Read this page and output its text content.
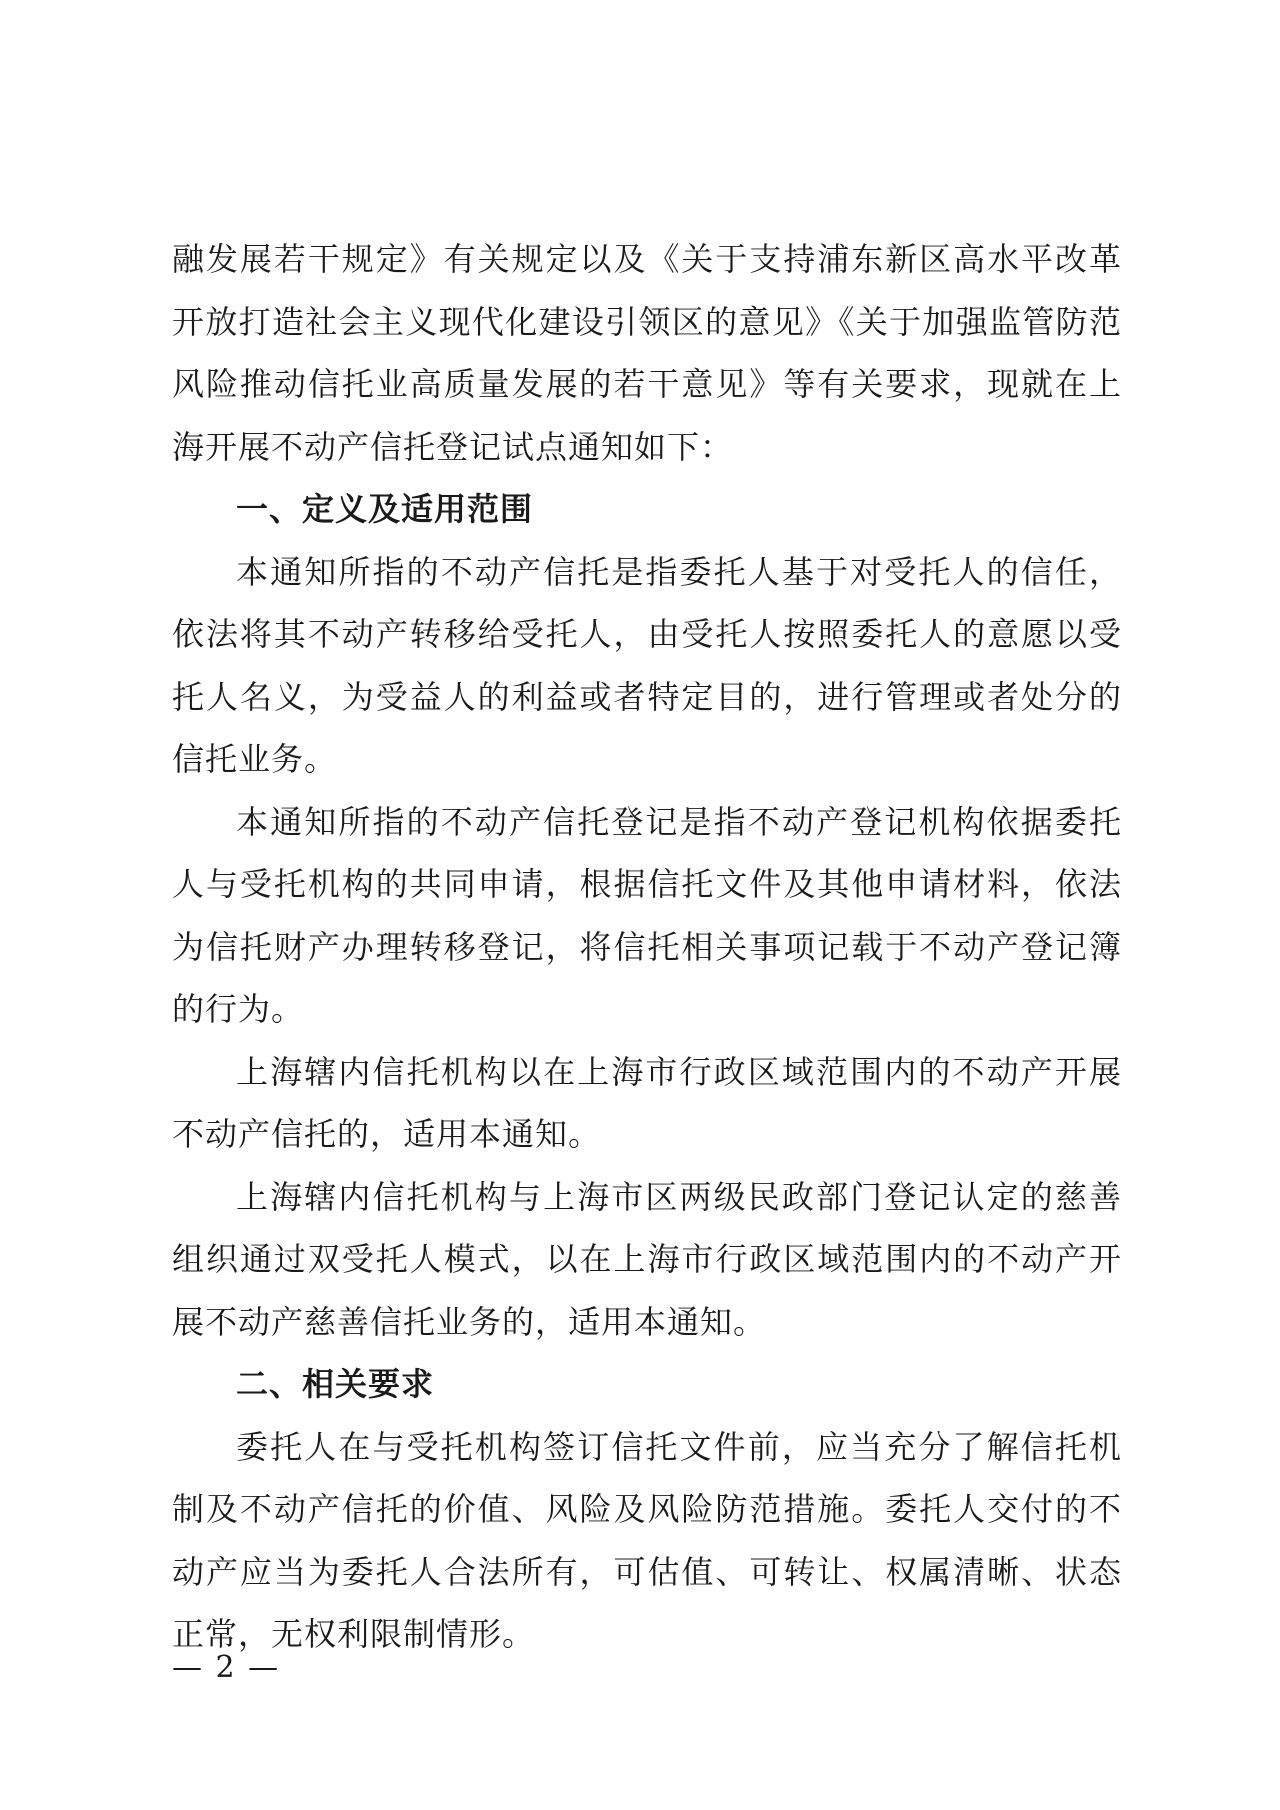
融发展若干规定》有关规定以及《关于支持浦东新区高水平改革开放打造社会主义现代化建设引领区的意见》《关于加强监管防范风险推动信托业高质量发展的若干意见》等有关要求，现就在上海开展不动产信托登记试点通知如下：

一、定义及适用范围

本通知所指的不动产信托是指委托人基于对受托人的信任，依法将其不动产转移给受托人，由受托人按照委托人的意愿以受托人名义，为受益人的利益或者特定目的，进行管理或者处分的信托业务。

本通知所指的不动产信托登记是指不动产登记机构依据委托人与受托机构的共同申请，根据信托文件及其他申请材料，依法为信托财产办理转移登记，将信托相关事项记载于不动产登记簿的行为。

上海辖内信托机构以在上海市行政区域范围内的不动产开展不动产信托的，适用本通知。

上海辖内信托机构与上海市区两级民政部门登记认定的慈善组织通过双受托人模式，以在上海市行政区域范围内的不动产开展不动产慈善信托业务的，适用本通知。

二、相关要求

委托人在与受托机构签订信托文件前，应当充分了解信托机制及不动产信托的价值、风险及风险防范措施。委托人交付的不动产应当为委托人合法所有，可估值、可转让、权属清晰、状态正常，无权利限制情形。

— 2 —
